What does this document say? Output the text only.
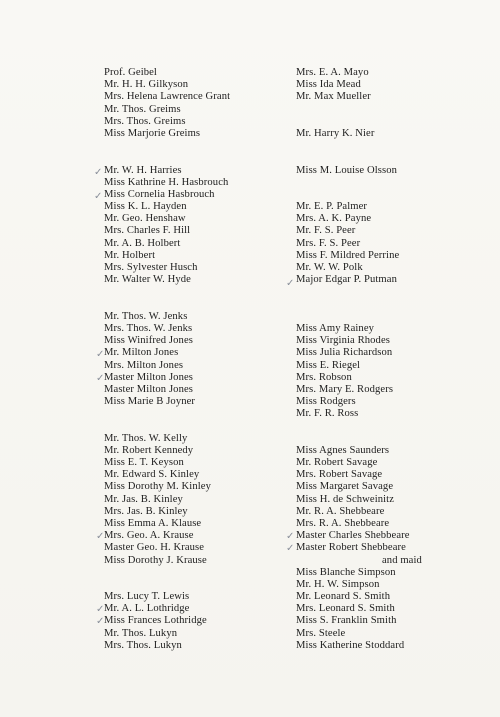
Prof. Geibel
Mr. H. H. Gilkyson
Mrs. Helena Lawrence Grant
Mr. Thos. Greims
Mrs. Thos. Greims
Miss Marjorie Greims
Mr. W. H. Harries
Miss Kathrine H. Hasbrouch
Miss Cornelia Hasbrouch
Miss K. L. Hayden
Mr. Geo. Henshaw
Mrs. Charles F. Hill
Mr. A. B. Holbert
Mr. Holbert
Mrs. Sylvester Husch
Mr. Walter W. Hyde
Mr. Thos. W. Jenks
Mrs. Thos. W. Jenks
Miss Winifred Jones
Mr. Milton Jones
Mrs. Milton Jones
Master Milton Jones
Master Milton Jones
Miss Marie B Joyner
Mr. Thos. W. Kelly
Mr. Robert Kennedy
Miss E. T. Keyson
Mr. Edward S. Kinley
Miss Dorothy M. Kinley
Mr. Jas. B. Kinley
Mrs. Jas. B. Kinley
Miss Emma A. Klause
Mrs. Geo. A. Krause
Master Geo. H. Krause
Miss Dorothy J. Krause
Mrs. Lucy T. Lewis
Mr. A. L. Lothridge
Miss Frances Lothridge
Mr. Thos. Lukyn
Mrs. Thos. Lukyn
Mrs. E. A. Mayo
Miss Ida Mead
Mr. Max Mueller
Mr. Harry K. Nier
Miss M. Louise Olsson
Mr. E. P. Palmer
Mrs. A. K. Payne
Mr. F. S. Peer
Mrs. F. S. Peer
Miss F. Mildred Perrine
Mr. W. W. Polk
Major Edgar P. Putman
Miss Amy Rainey
Miss Virginia Rhodes
Miss Julia Richardson
Miss E. Riegel
Mrs. Robson
Mrs. Mary E. Rodgers
Miss Rodgers
Mr. F. R. Ross
Miss Agnes Saunders
Mr. Robert Savage
Mrs. Robert Savage
Miss Margaret Savage
Miss H. de Schweinitz
Mr. R. A. Shebbeare
Mrs. R. A. Shebbeare
Master Charles Shebbeare
Master Robert Shebbeare
and maid
Miss Blanche Simpson
Mr. H. W. Simpson
Mr. Leonard S. Smith
Mrs. Leonard S. Smith
Miss S. Franklin Smith
Mrs. Steele
Miss Katherine Stoddard
✓
✓
✓
✓
✓
✓
✓
✓
✓
✓
